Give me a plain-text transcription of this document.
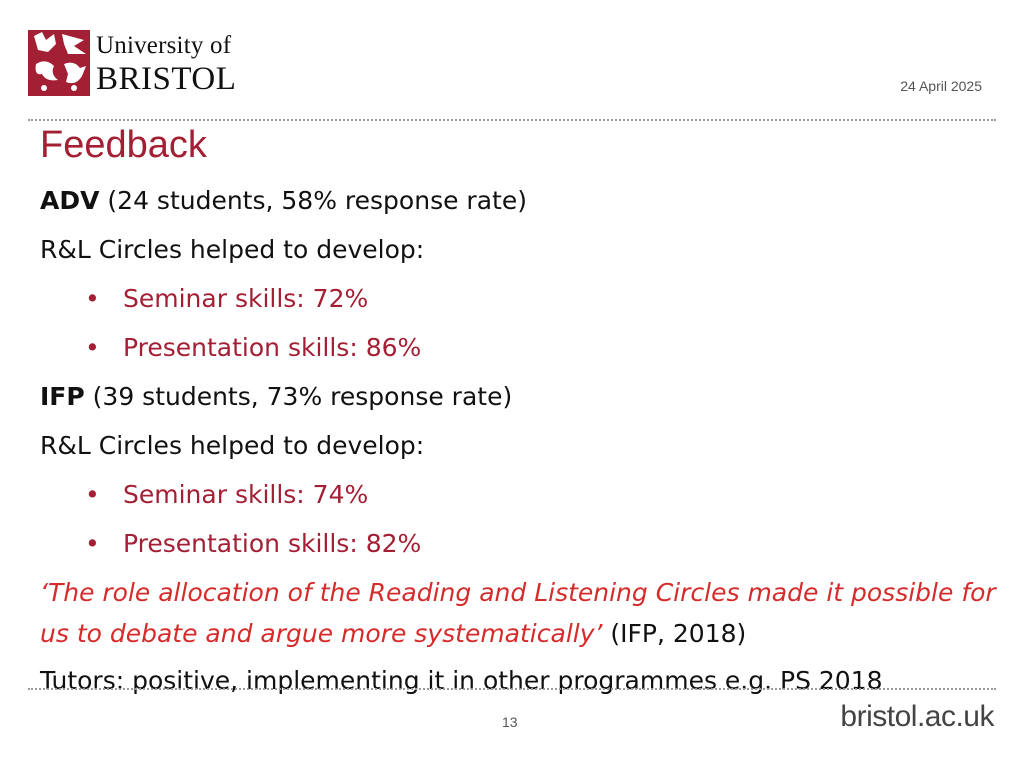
University of
BRISTOL	24 April 2025
Feedback
ADV (24 students, 58% response rate)
R&L Circles helped to develop:
• Seminar skills: 72%
• Presentation skills: 86%
IFP (39 students, 73% response rate)
R&L Circles helped to develop:
• Seminar skills: 74%
• Presentation skills: 82%
‘The role allocation of the Reading and Listening Circles made it possible for us to debate and argue more systematically’ (IFP, 2018)
Tutors: positive, implementing it in other programmes e.g. PS 2018
13	bristol.ac.uk
